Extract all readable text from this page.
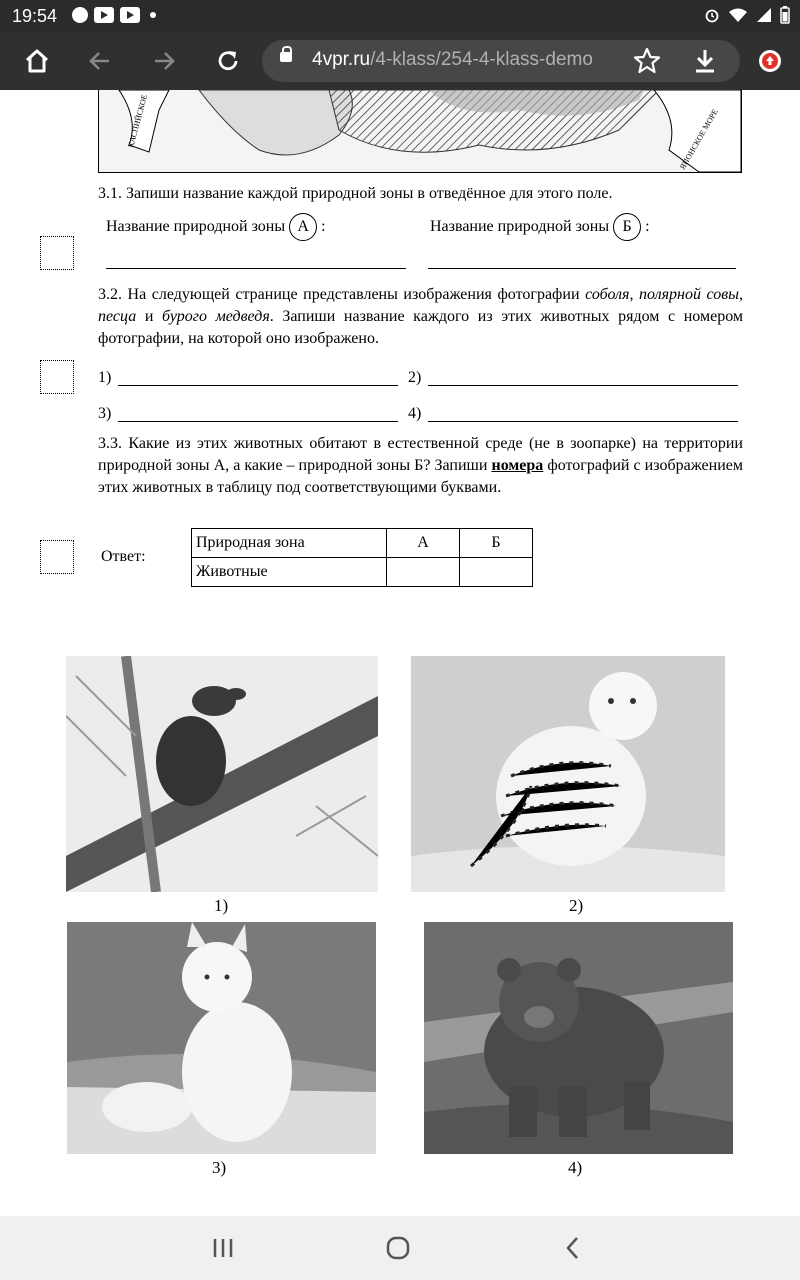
19:54
4vpr.ru/4-klass/254-4-klass-demo
КАСПИЙСКОЕ	ЯПОНСКОЕ МОРЕ
3.1. Запиши название каждой природной зоны в отведённое для этого поле.
Название природной зоны А :	Название природной зоны Б :
3.2. На следующей странице представлены изображения фотографии соболя, полярной совы, песца и бурого медведя. Запиши название каждого из этих животных рядом с номером фотографии, на которой оно изображено.
1)	2)
3)	4)
3.3. Какие из этих животных обитают в естественной среде (не в зоопарке) на территории природной зоны А, а какие – природной зоны Б? Запиши номера фотографий с изображением этих животных в таблицу под соответствующими буквами.
Ответ:
Природная зона	А	Б
Животные		
1)	2)
3)	4)
